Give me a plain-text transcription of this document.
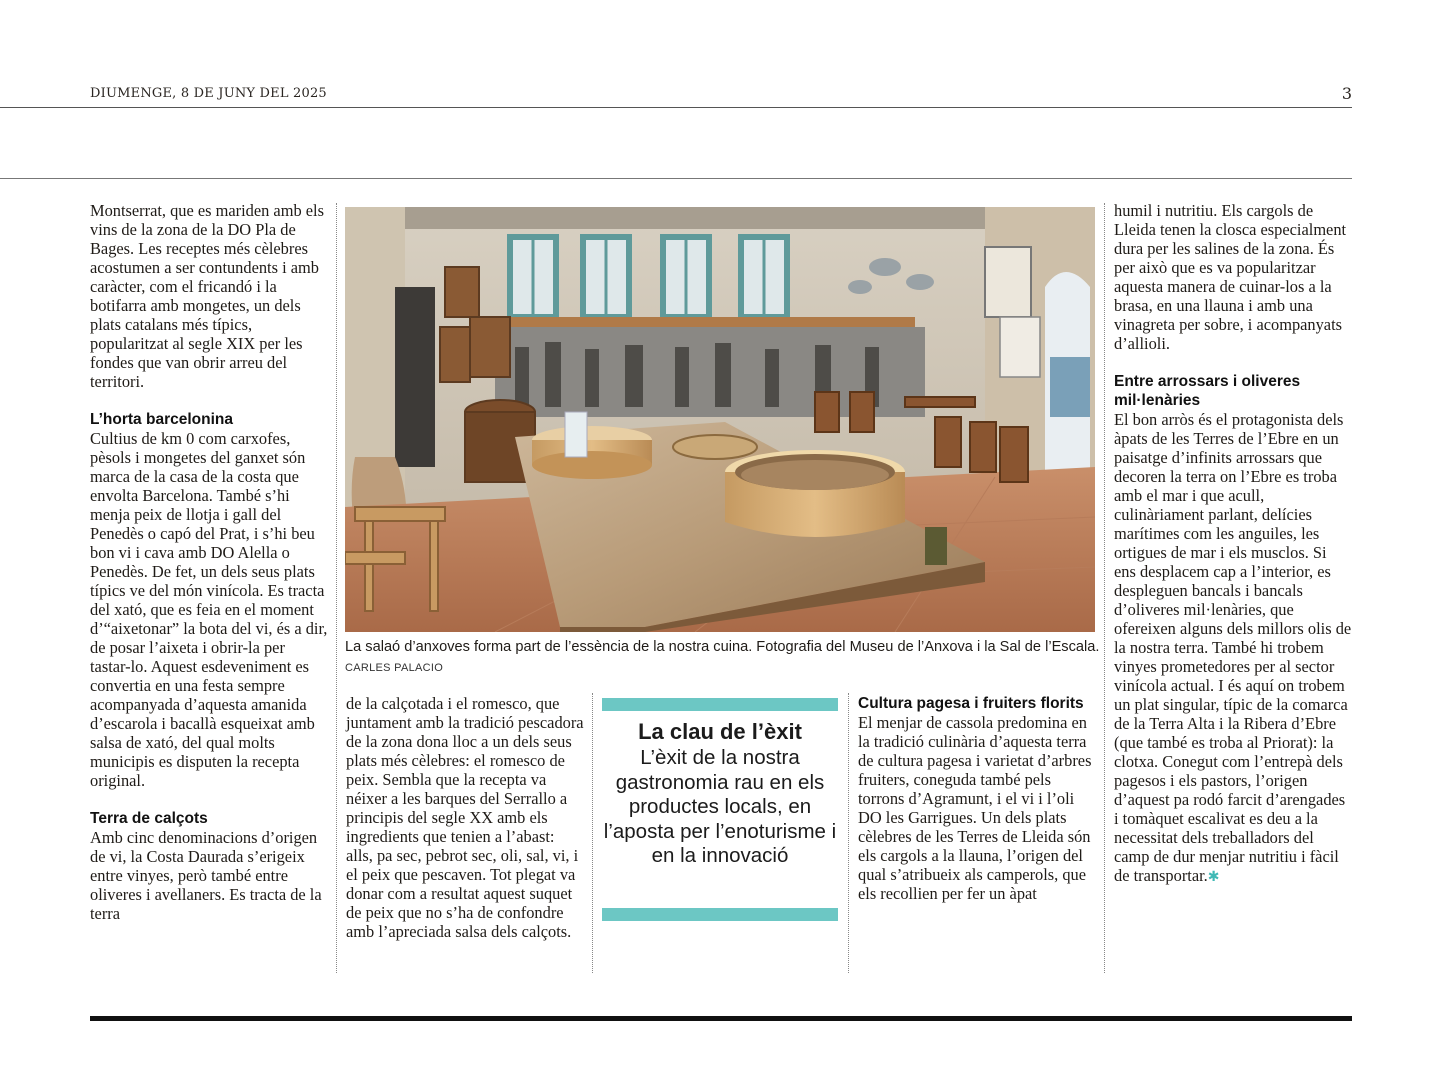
DIUMENGE, 8 DE JUNY DEL 2025	3

Montserrat, que es mariden amb els vins de la zona de la DO Pla de Bages. Les receptes més cèlebres acostumen a ser contundents i amb caràcter, com el fricandó i la botifarra amb mongetes, un dels plats catalans més típics, popularitzat al segle XIX per les fondes que van obrir arreu del territori.

L’horta barcelonina

Cultius de km 0 com carxofes, pèsols i mongetes del ganxet són marca de la casa de la costa que envolta Barcelona. També s’hi menja peix de llotja i gall del Penedès o capó del Prat, i s’hi beu bon vi i cava amb DO Alella o Penedès. De fet, un dels seus plats típics ve del món vinícola. Es tracta del xató, que es feia en el moment d’“aixetonar” la bota del vi, és a dir, de posar l’aixeta i obrir-la per tastar-lo. Aquest esdeveniment es convertia en una festa sempre acompanyada d’aquesta amanida d’escarola i bacallà esqueixat amb salsa de xató, del qual molts municipis es disputen la recepta original.

Terra de calçots

Amb cinc denominacions d’origen de vi, la Costa Daurada s’erigeix entre vinyes, però també entre oliveres i avellaners. Es tracta de la terra

La salaó d’anxoves forma part de l’essència de la nostra cuina. Fotografia del Museu de l’Anxova i la Sal de l’Escala. CARLES PALACIO

de la calçotada i el romesco, que juntament amb la tradició pescadora de la zona dona lloc a un dels seus plats més cèlebres: el romesco de peix. Sembla que la recepta va néixer a les barques del Serrallo a principis del segle XX amb els ingredients que tenien a l’abast: alls, pa sec, pebrot sec, oli, sal, vi, i el peix que pescaven. Tot plegat va donar com a resultat aquest suquet de peix que no s’ha de confondre amb l’apreciada salsa dels calçots.

La clau de l’èxit
L’èxit de la nostra gastronomia rau en els productes locals, en l’aposta per l’enoturisme i en la innovació
Cultura pagesa i fruiters florits

El menjar de cassola predomina en la tradició culinària d’aquesta terra de cultura pagesa i varietat d’arbres fruiters, coneguda també pels torrons d’Agramunt, i el vi i l’oli DO les Garrigues. Un dels plats cèlebres de les Terres de Lleida són els cargols a la llauna, l’origen del qual s’atribueix als camperols, que els recollien per fer un àpat

humil i nutritiu. Els cargols de Lleida tenen la closca especialment dura per les salines de la zona. És per això que es va popularitzar aquesta manera de cuinar-los a la brasa, en una llauna i amb una vinagreta per sobre, i acompanyats d’allioli.

Entre arrossars i oliveres mil·lenàries

El bon arròs és el protagonista dels àpats de les Terres de l’Ebre en un paisatge d’infinits arrossars que decoren la terra on l’Ebre es troba amb el mar i que acull, culinàriament parlant, delícies marítimes com les anguiles, les ortigues de mar i els musclos. Si ens desplacem cap a l’interior, es despleguen bancals i bancals d’oliveres mil·lenàries, que ofereixen alguns dels millors olis de la nostra terra. També hi trobem vinyes prometedores per al sector vinícola actual. I és aquí on trobem un plat singular, típic de la comarca de la Terra Alta i la Ribera d’Ebre (que també es troba al Priorat): la clotxa. Conegut com l’entrepà dels pagesos i els pastors, l’origen d’aquest pa rodó farcit d’arengades i tomàquet escalivat es deu a la necessitat dels treballadors del camp de dur menjar nutritiu i fàcil de transportar.✱
